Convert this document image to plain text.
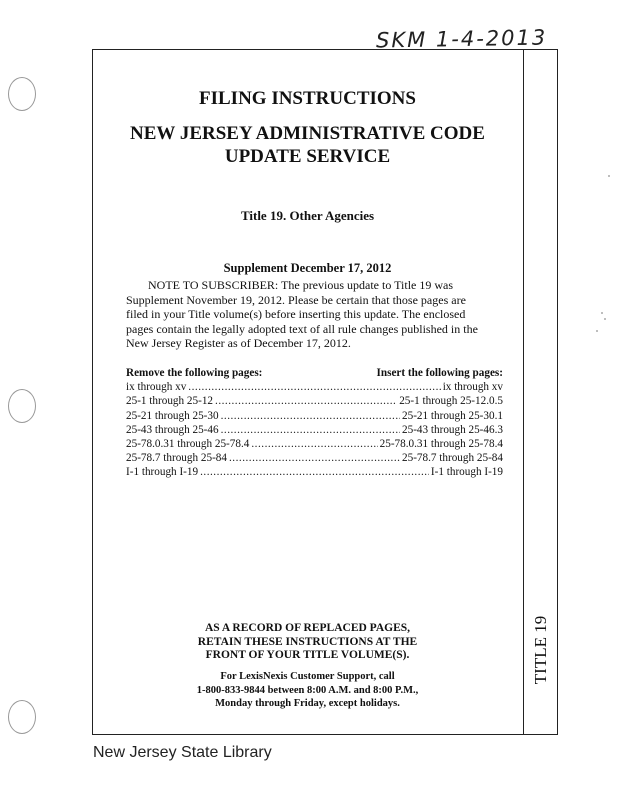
SKM 1-4-2013
TITLE 19
FILING INSTRUCTIONS
NEW JERSEY ADMINISTRATIVE CODE
UPDATE SERVICE
Title 19. Other Agencies
Supplement December 17, 2012
NOTE TO SUBSCRIBER: The previous update to Title 19 was
Supplement November 19, 2012. Please be certain that those pages are
filed in your Title volume(s) before inserting this update. The enclosed
pages contain the legally adopted text of all rule changes published in the
New Jersey Register as of December 17, 2012.
Remove the following pages:	Insert the following pages:
ix through xv .....	ix through xv
25-1 through 25-12 .....	25-1 through 25-12.0.5
25-21 through 25-30 .....	25-21 through 25-30.1
25-43 through 25-46 .....	25-43 through 25-46.3
25-78.0.31 through 25-78.4 .....	25-78.0.31 through 25-78.4
25-78.7 through 25-84 .....	25-78.7 through 25-84
I-1 through I-19 .....	I-1 through I-19
AS A RECORD OF REPLACED PAGES,
RETAIN THESE INSTRUCTIONS AT THE
FRONT OF YOUR TITLE VOLUME(S).
For LexisNexis Customer Support, call
1-800-833-9844 between 8:00 A.M. and 8:00 P.M.,
Monday through Friday, except holidays.
New Jersey State Library
